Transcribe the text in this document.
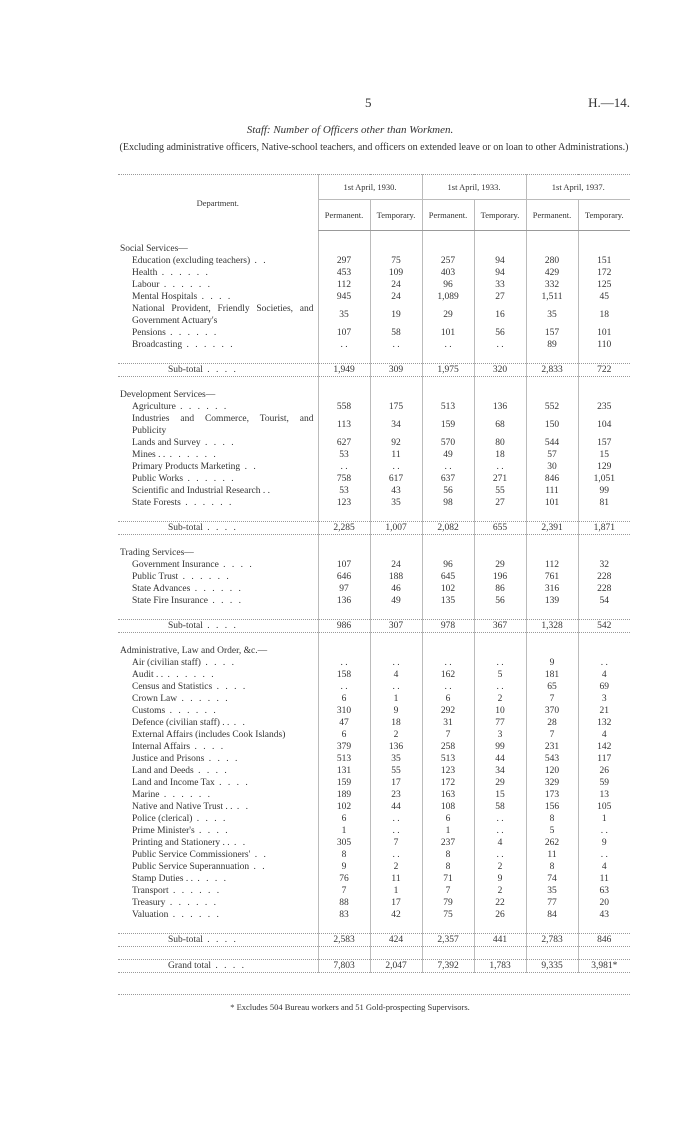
5	H.—14.
Staff: Number of Officers other than Workmen.
(Excluding administrative officers, Native-school teachers, and officers on extended leave or on loan to other Administrations.)
Department.	1st April, 1930.		1st April, 1933.		1st April, 1937.	
	Permanent.	Temporary.	Permanent.	Temporary.	Permanent.	Temporary.

Social Services—						
Education (excluding teachers) . .	297	75	257	94	280	151
Health . . . . . .	453	109	403	94	429	172
Labour . . . . . .	112	24	96	33	332	125
Mental Hospitals . . . .	945	24	1,089	27	1,511	45
National Provident, Friendly Societies, and Government Actuary's	35	19	29	16	35	18
Pensions . . . . . .	107	58	101	56	157	101
Broadcasting . . . . . .	. .	. .	. .	. .	89	110

Sub-total . . . .	1,949	309	1,975	320	2,833	722

Development Services—						
Agriculture . . . . . .	558	175	513	136	552	235
Industries and Commerce, Tourist, and Publicity	113	34	159	68	150	104
Lands and Survey . . . .	627	92	570	80	544	157
Mines . . . . . . . .	53	11	49	18	57	15
Primary Products Marketing . .	. .	. .	. .	. .	30	129
Public Works . . . . . .	758	617	637	271	846	1,051
Scientific and Industrial Research . .	53	43	56	55	111	99
State Forests . . . . . .	123	35	98	27	101	81

Sub-total . . . .	2,285	1,007	2,082	655	2,391	1,871

Trading Services—						
Government Insurance . . . .	107	24	96	29	112	32
Public Trust . . . . . .	646	188	645	196	761	228
State Advances . . . . . .	97	46	102	86	316	228
State Fire Insurance . . . .	136	49	135	56	139	54

Sub-total . . . .	986	307	978	367	1,328	542

Administrative, Law and Order, &c.—						
Air (civilian staff) . . . .	. .	. .	. .	. .	9	. .
Audit . . . . . . . .	158	4	162	5	181	4
Census and Statistics . . . .	. .	. .	. .	. .	65	69
Crown Law . . . . . .	6	1	6	2	7	3
Customs . . . . . .	310	9	292	10	370	21
Defence (civilian staff) . . . .	47	18	31	77	28	132
External Affairs (includes Cook Islands)	6	2	7	3	7	4
Internal Affairs . . . .	379	136	258	99	231	142
Justice and Prisons . . . .	513	35	513	44	543	117
Land and Deeds . . . .	131	55	123	34	120	26
Land and Income Tax . . . .	159	17	172	29	329	59
Marine . . . . . .	189	23	163	15	173	13
Native and Native Trust . . . .	102	44	108	58	156	105
Police (clerical) . . . .	6	. .	6	. .	8	1
Prime Minister's . . . .	1	. .	1	. .	5	. .
Printing and Stationery . . . .	305	7	237	4	262	9
Public Service Commissioners' . .	8	. .	8	. .	11	. .
Public Service Superannuation . .	9	2	8	2	8	4
Stamp Duties . . . . . .	76	11	71	9	74	11
Transport . . . . . .	7	1	7	2	35	63
Treasury . . . . . .	88	17	79	22	77	20
Valuation . . . . . .	83	42	75	26	84	43

Sub-total . . . .	2,583	424	2,357	441	2,783	846

Grand total . . . .	7,803	2,047	7,392	1,783	9,335	3,981*
* Excludes 504 Bureau workers and 51 Gold-prospecting Supervisors.
